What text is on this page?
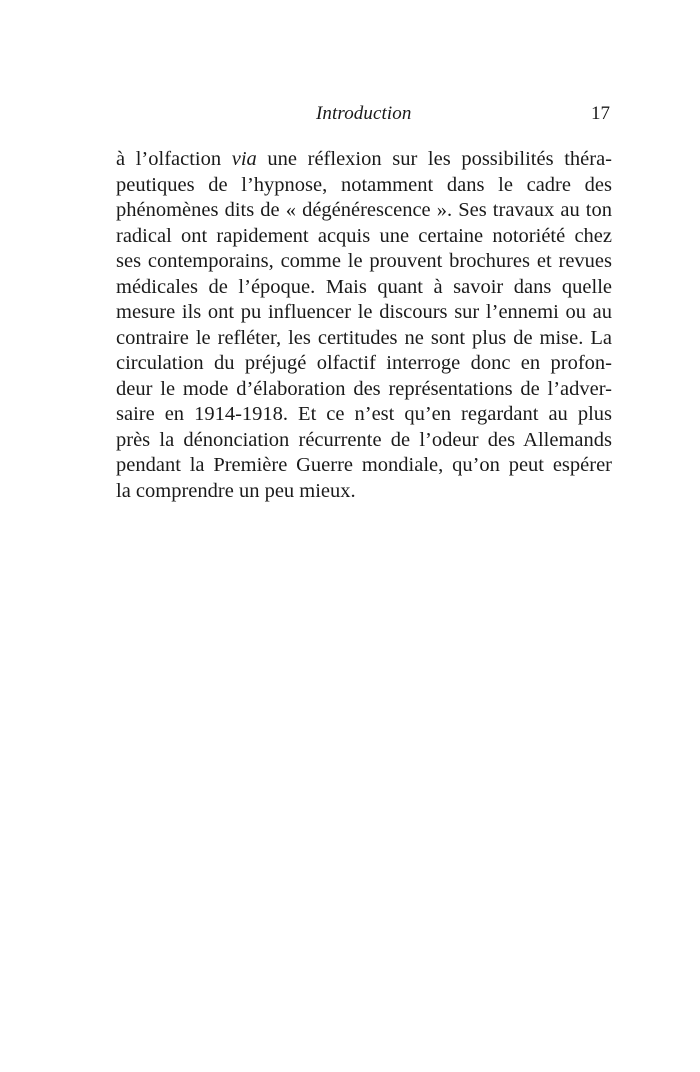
Introduction	17
à l’olfaction via une réflexion sur les possibilités théra-
peutiques de l’hypnose, notamment dans le cadre des
phénomènes dits de « dégénérescence ». Ses travaux au ton
radical ont rapidement acquis une certaine notoriété chez
ses contemporains, comme le prouvent brochures et revues
médicales de l’époque. Mais quant à savoir dans quelle
mesure ils ont pu influencer le discours sur l’ennemi ou au
contraire le refléter, les certitudes ne sont plus de mise. La
circulation du préjugé olfactif interroge donc en profon-
deur le mode d’élaboration des représentations de l’adver-
saire en 1914-1918. Et ce n’est qu’en regardant au plus
près la dénonciation récurrente de l’odeur des Allemands
pendant la Première Guerre mondiale, qu’on peut espérer
la comprendre un peu mieux.
